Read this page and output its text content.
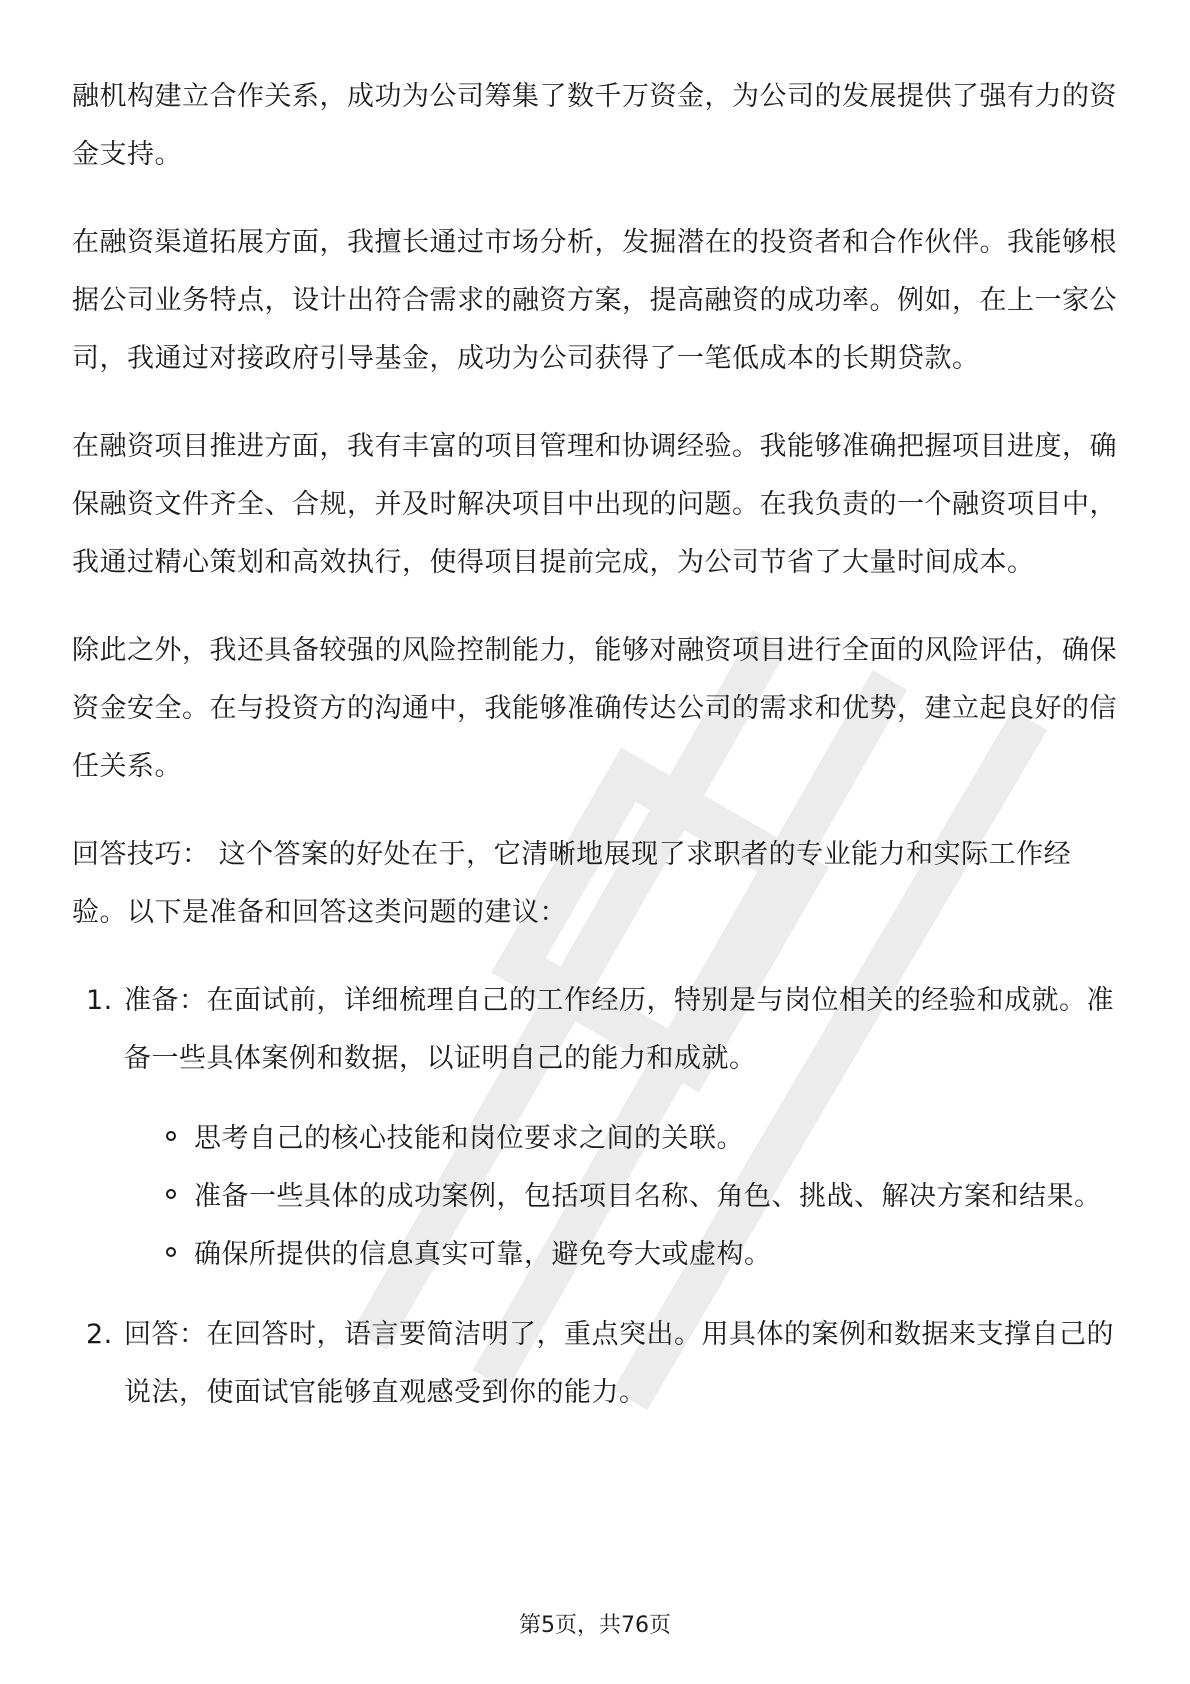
融机构建立合作关系，成功为公司筹集了数千万资金，为公司的发展提供了强有力的资金支持。

在融资渠道拓展方面，我擅长通过市场分析，发掘潜在的投资者和合作伙伴。我能够根据公司业务特点，设计出符合需求的融资方案，提高融资的成功率。例如，在上一家公司，我通过对接政府引导基金，成功为公司获得了一笔低成本的长期贷款。

在融资项目推进方面，我有丰富的项目管理和协调经验。我能够准确把握项目进度，确保融资文件齐全、合规，并及时解决项目中出现的问题。在我负责的一个融资项目中，我通过精心策划和高效执行，使得项目提前完成，为公司节省了大量时间成本。

除此之外，我还具备较强的风险控制能力，能够对融资项目进行全面的风险评估，确保资金安全。在与投资方的沟通中，我能够准确传达公司的需求和优势，建立起良好的信任关系。

回答技巧： 这个答案的好处在于，它清晰地展现了求职者的专业能力和实际工作经验。以下是准备和回答这类问题的建议：

1. 准备：在面试前，详细梳理自己的工作经历，特别是与岗位相关的经验和成就。准备一些具体案例和数据，以证明自己的能力和成就。
思考自己的核心技能和岗位要求之间的关联。
准备一些具体的成功案例，包括项目名称、角色、挑战、解决方案和结果。
确保所提供的信息真实可靠，避免夸大或虚构。
2. 回答：在回答时，语言要简洁明了，重点突出。用具体的案例和数据来支撑自己的说法，使面试官能够直观感受到你的能力。
第5页，共76页
